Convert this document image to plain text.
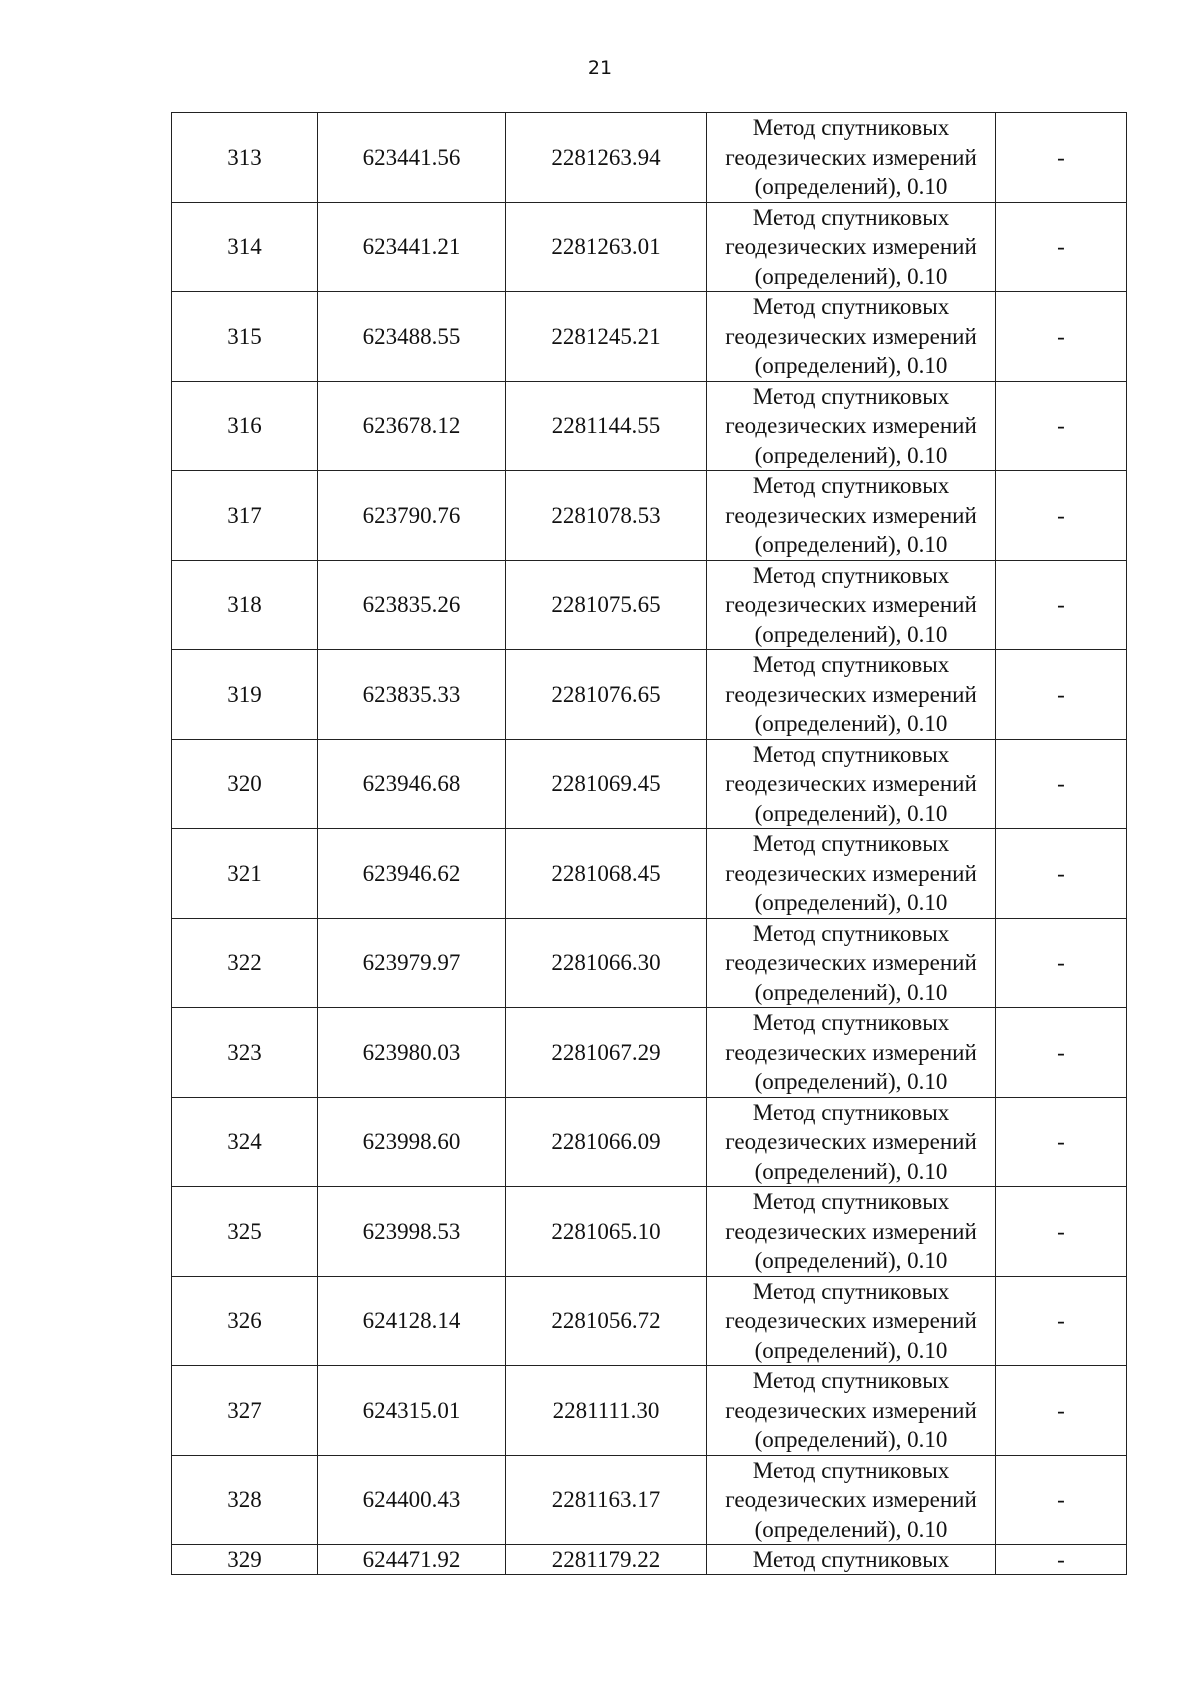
21
313	623441.56	2281263.94	Метод спутниковых
геодезических измерений
(определений), 0.10	-
314	623441.21	2281263.01	Метод спутниковых
геодезических измерений
(определений), 0.10	-
315	623488.55	2281245.21	Метод спутниковых
геодезических измерений
(определений), 0.10	-
316	623678.12	2281144.55	Метод спутниковых
геодезических измерений
(определений), 0.10	-
317	623790.76	2281078.53	Метод спутниковых
геодезических измерений
(определений), 0.10	-
318	623835.26	2281075.65	Метод спутниковых
геодезических измерений
(определений), 0.10	-
319	623835.33	2281076.65	Метод спутниковых
геодезических измерений
(определений), 0.10	-
320	623946.68	2281069.45	Метод спутниковых
геодезических измерений
(определений), 0.10	-
321	623946.62	2281068.45	Метод спутниковых
геодезических измерений
(определений), 0.10	-
322	623979.97	2281066.30	Метод спутниковых
геодезических измерений
(определений), 0.10	-
323	623980.03	2281067.29	Метод спутниковых
геодезических измерений
(определений), 0.10	-
324	623998.60	2281066.09	Метод спутниковых
геодезических измерений
(определений), 0.10	-
325	623998.53	2281065.10	Метод спутниковых
геодезических измерений
(определений), 0.10	-
326	624128.14	2281056.72	Метод спутниковых
геодезических измерений
(определений), 0.10	-
327	624315.01	2281111.30	Метод спутниковых
геодезических измерений
(определений), 0.10	-
328	624400.43	2281163.17	Метод спутниковых
геодезических измерений
(определений), 0.10	-
329	624471.92	2281179.22	Метод спутниковых	-
